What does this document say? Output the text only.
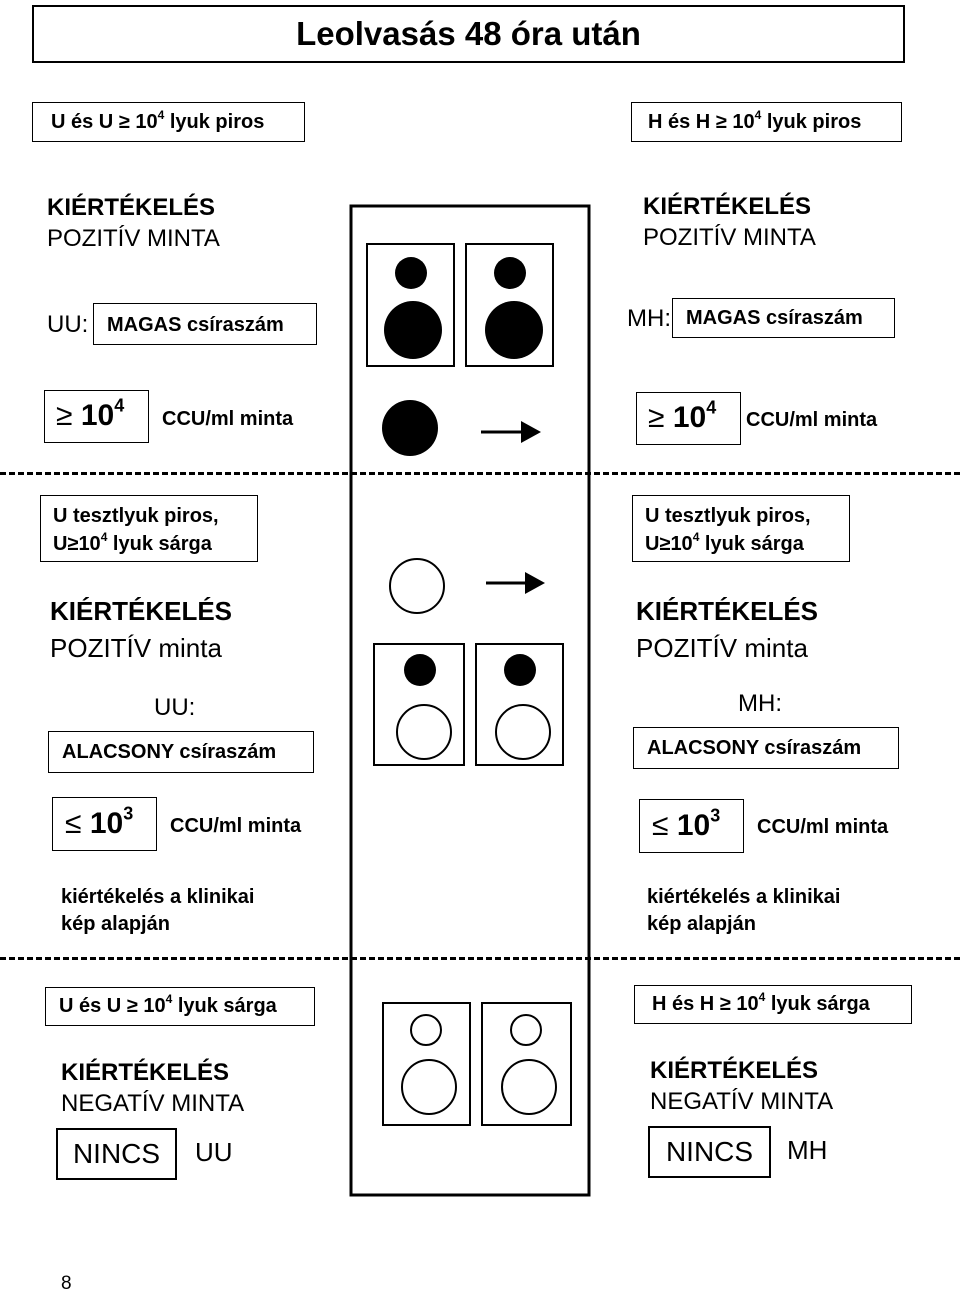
Leolvasás 48 óra után
U és $U \ge 10^4$ lyuk piros	H és $H \ge 10^4$ lyuk piros
KIÉRTÉKELÉS
POZITÍV MINTA
KIÉRTÉKELÉS
POZITÍV MINTA
UU: MAGAS csíraszám	MH: MAGAS csíraszám
≥ $10^4$
CCU/ml minta	≥ $10^4$
CCU/ml minta
U tesztlyuk piros,
$U\ge 10^4$ lyuk sárga
U tesztlyuk piros,
$U\ge 10^4$ lyuk sárga
KIÉRTÉKELÉS
POZITÍV minta
KIÉRTÉKELÉS
POZITÍV minta
UU:	MH:
ALACSONY csíraszám	ALACSONY csíraszám
≤ $10^3$
CCU/ml minta	≤ $10^3$
CCU/ml minta
kiértékelés a klinikai
kép alapján
kiértékelés a klinikai
kép alapján
U és $U \ge 10^4$ lyuk sárga	H és $H \ge 10^4$ lyuk sárga
KIÉRTÉKELÉS
NEGATÍV MINTA
KIÉRTÉKELÉS
NEGATÍV MINTA
NINCS	UU	NINCS	MH
8
